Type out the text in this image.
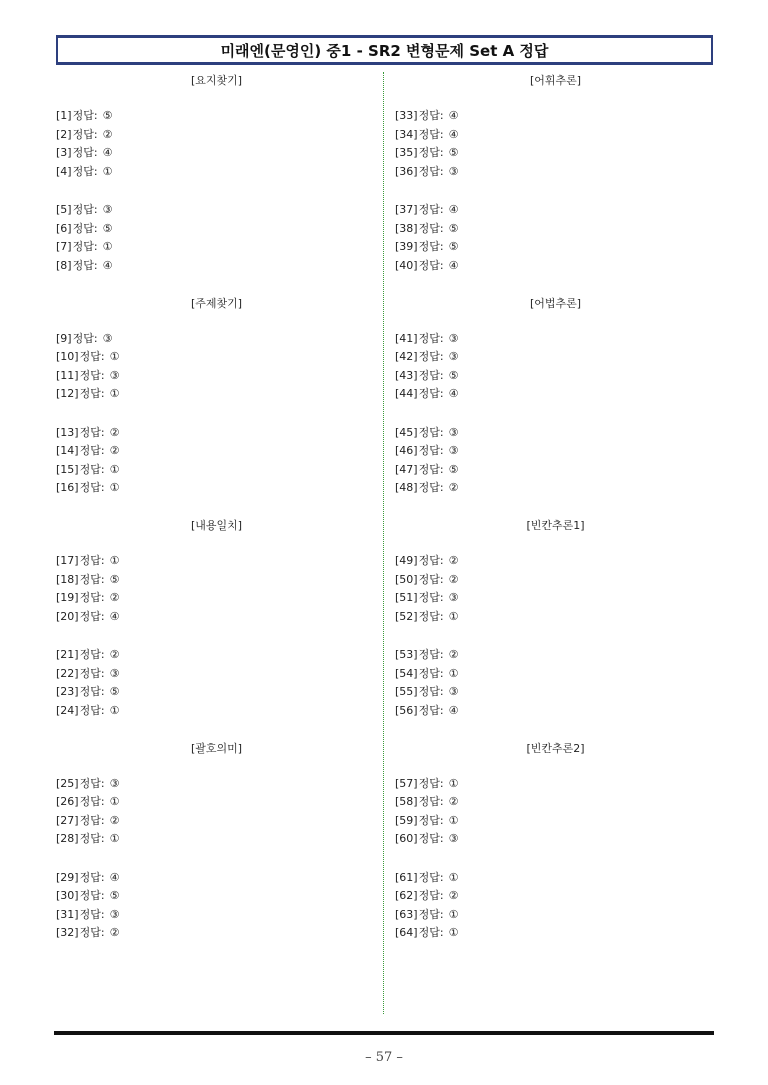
미래엔(문영인) 중1 - SR2 변형문제 Set A 정답
[요지찾기]
[1]정답: ⑤
[2]정답: ②
[3]정답: ④
[4]정답: ①
[5]정답: ③
[6]정답: ⑤
[7]정답: ①
[8]정답: ④
[주제찾기]
[9]정답: ③
[10]정답: ①
[11]정답: ③
[12]정답: ①
[13]정답: ②
[14]정답: ②
[15]정답: ①
[16]정답: ①
[내용일치]
[17]정답: ①
[18]정답: ⑤
[19]정답: ②
[20]정답: ④
[21]정답: ②
[22]정답: ③
[23]정답: ⑤
[24]정답: ①
[괄호의미]
[25]정답: ③
[26]정답: ①
[27]정답: ②
[28]정답: ①
[29]정답: ④
[30]정답: ⑤
[31]정답: ③
[32]정답: ②
[어휘추론]
[33]정답: ④
[34]정답: ④
[35]정답: ⑤
[36]정답: ③
[37]정답: ④
[38]정답: ⑤
[39]정답: ⑤
[40]정답: ④
[어법추론]
[41]정답: ③
[42]정답: ③
[43]정답: ⑤
[44]정답: ④
[45]정답: ③
[46]정답: ③
[47]정답: ⑤
[48]정답: ②
[빈칸추론1]
[49]정답: ②
[50]정답: ②
[51]정답: ③
[52]정답: ①
[53]정답: ②
[54]정답: ①
[55]정답: ③
[56]정답: ④
[빈칸추론2]
[57]정답: ①
[58]정답: ②
[59]정답: ①
[60]정답: ③
[61]정답: ①
[62]정답: ②
[63]정답: ①
[64]정답: ①
– 57 –
